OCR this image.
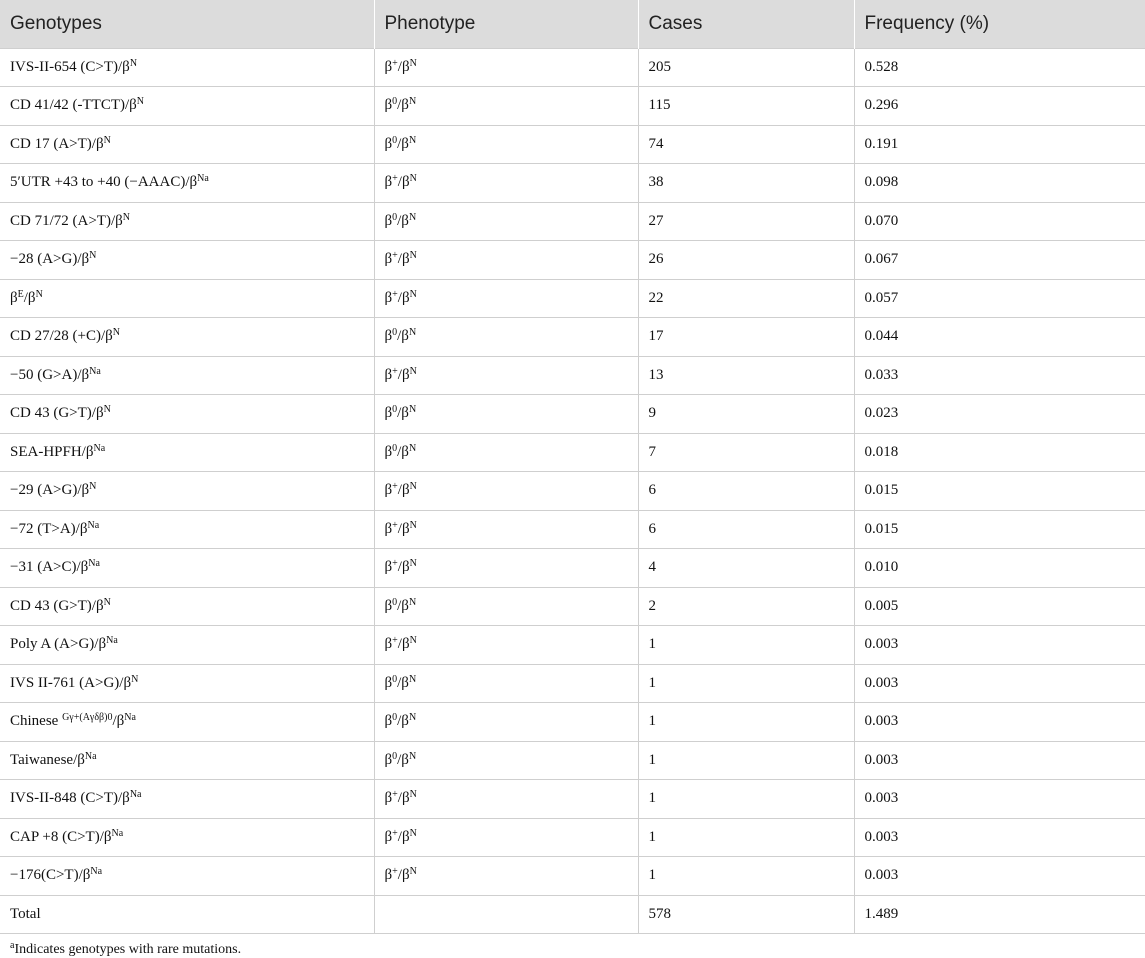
Genotypes	Phenotype	Cases	Frequency (%)
IVS-II-654 $(C>T)/\beta^N$	$\beta^+/\beta^N$	205	0.528
CD 41/42 $(-TTCT)/\beta^N$	$\beta^0/\beta^N$	115	0.296
CD 17 $(A>T)/\beta^N$	$\beta^0/\beta^N$	74	0.191
5′UTR +43 to +40 $(-AAAC)/\beta^{Na}$	$\beta^+/\beta^N$	38	0.098
CD 71/72 $(A>T)/\beta^N$	$\beta^0/\beta^N$	27	0.070
−28 $(A>G)/\beta^N$	$\beta^+/\beta^N$	26	0.067
$\beta^E/\beta^N$	$\beta^+/\beta^N$	22	0.057
CD 27/28 $(+C)/\beta^N$	$\beta^0/\beta^N$	17	0.044
−50 $(G>A)/\beta^{Na}$	$\beta^+/\beta^N$	13	0.033
CD 43 $(G>T)/\beta^N$	$\beta^0/\beta^N$	9	0.023
SEA-$HPFH/\beta^{Na}$	$\beta^0/\beta^N$	7	0.018
−29 $(A>G)/\beta^N$	$\beta^+/\beta^N$	6	0.015
−72 $(T>A)/\beta^{Na}$	$\beta^+/\beta^N$	6	0.015
−31 $(A>C)/\beta^{Na}$	$\beta^+/\beta^N$	4	0.010
CD 43 $(G>T)/\beta^N$	$\beta^0/\beta^N$	2	0.005
Poly A $(A>G)/\beta^{Na}$	$\beta^+/\beta^N$	1	0.003
IVS II-761 $(A>G)/\beta^N$	$\beta^0/\beta^N$	1	0.003
Chinese $^{G\gamma+(A\gamma\delta\beta)0}/\beta^{Na}$	$\beta^0/\beta^N$	1	0.003
Taiwanese/$\beta^{Na}$	$\beta^0/\beta^N$	1	0.003
IVS-II-848 $(C>T)/\beta^{Na}$	$\beta^+/\beta^N$	1	0.003
CAP +8 $(C>T)/\beta^{Na}$	$\beta^+/\beta^N$	1	0.003
$-176(C>T)/\beta^{Na}$	$\beta^+/\beta^N$	1	0.003
Total		578	1.489
$^a$Indicates genotypes with rare mutations.
